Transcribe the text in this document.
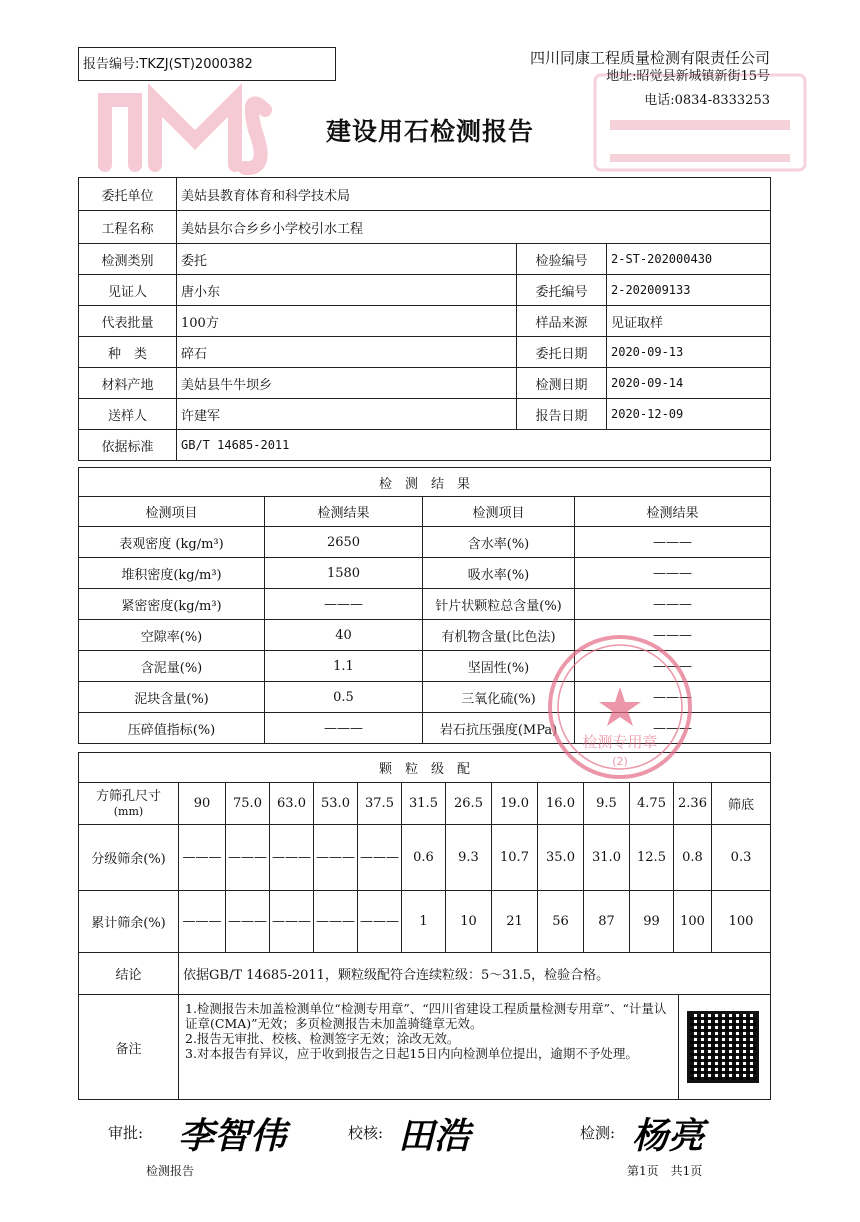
报告编号:TKZJ(ST)2000382	四川同康工程质量检测有限责任公司
地址:昭觉县新城镇新街15号
电话:0834-8333253
建设用石检测报告
委托单位	美姑县教育体育和科学技术局		
工程名称	美姑县尔合乡乡小学校引水工程		
检测类别	委托	检验编号	2-ST-202000430
见证人	唐小东	委托编号	2-202009133
代表批量	100方	样品来源	见证取样
种　类	碎石	委托日期	2020-09-13
材料产地	美姑县牛牛坝乡	检测日期	2020-09-14
送样人	许建军	报告日期	2020-12-09
依据标准	GB/T 14685-2011		
检　测　结　果			
检测项目	检测结果	检测项目	检测结果
表观密度 (kg/m³)	2650	含水率(%)	———
堆积密度(kg/m³)	1580	吸水率(%)	———
紧密密度(kg/m³)	———	针片状颗粒总含量(%)	———
空隙率(%)	40	有机物含量(比色法)	———
含泥量(%)	1.1	坚固性(%)	———
泥块含量(%)	0.5	三氧化硫(%)	———
压碎值指标(%)	———	岩石抗压强度(MPa)	———
颗　粒　级　配													

方筛孔尺寸
(mm)	90	75.0	63.0	53.0	37.5	31.5	26.5	19.0	16.0	9.5	4.75	2.36	筛底
分级筛余(%)	———	———	———	———	———	0.6	9.3	10.7	35.0	31.0	12.5	0.8	0.3
累计筛余(%)	———	———	———	———	———	1	10	21	56	87	99	100	100
结论	依据GB/T 14685-2011，颗粒级配符合连续粒级：5～31.5，检验合格。												
备注	
1.检测报告未加盖检测单位“检测专用章”、“四川省建设工程质量检测专用章”、“计量认证章(CMA)”无效；多页检测报告未加盖骑缝章无效。
2.报告无审批、校核、检测签字无效；涂改无效。
3.对本报告有异议，应于收到报告之日起15日内向检测单位提出，逾期不予处理。

检测专用章
(2)
审批: 李智伟	校核: 田浩	检测: 杨亮
检测报告	第1页　共1页
